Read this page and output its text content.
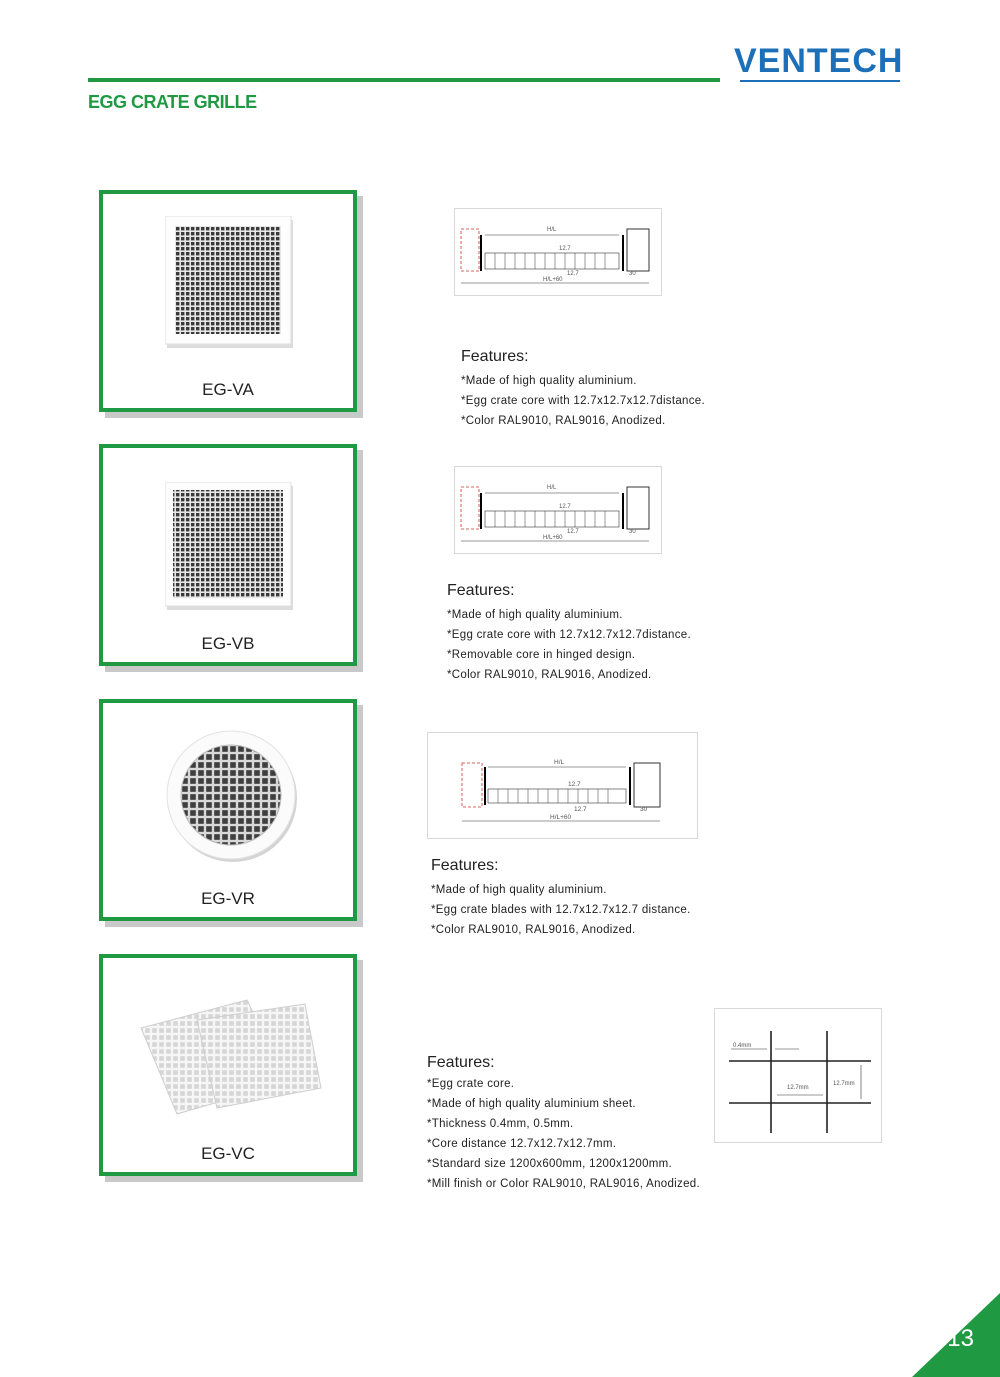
VENTECH
EGG CRATE GRILLE
EG-VA
H/L
12.7
12.7	30
H/L+60
Features:
*Made of high quality aluminium.
*Egg crate core with 12.7x12.7x12.7distance.
*Color RAL9010, RAL9016, Anodized.
EG-VB
H/L
12.7
12.7	30
H/L+60
Features:
*Made of high quality aluminium.
*Egg crate core with 12.7x12.7x12.7distance.
*Removable core in hinged design.
*Color RAL9010, RAL9016, Anodized.
EG-VR
H/L
12.7
12.7	30
H/L+60
Features:
*Made of high quality aluminium.
*Egg crate blades with 12.7x12.7x12.7 distance.
*Color RAL9010, RAL9016, Anodized.
EG-VC
Features:
*Egg crate core.
*Made of high quality aluminium sheet.
*Thickness 0.4mm, 0.5mm.
*Core distance 12.7x12.7x12.7mm.
*Standard size 1200x600mm, 1200x1200mm.
*Mill finish or Color RAL9010, RAL9016, Anodized.
0.4mm
12.7mm
12.7mm
13
